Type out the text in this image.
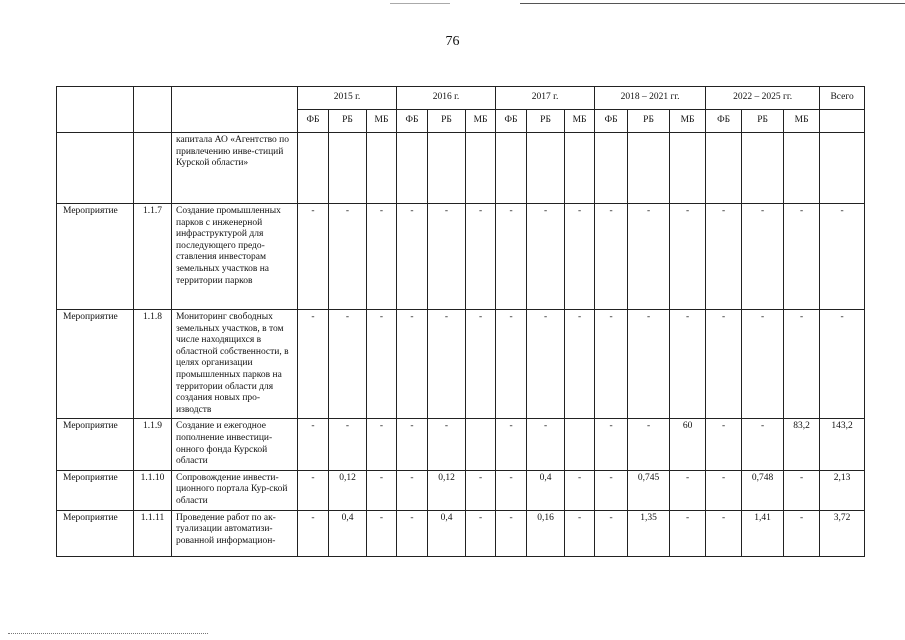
76
			2015 г.			2016 г.			2017 г.			2018 – 2021 гг.			2022 – 2025 гг.			Всего
			ФБ	РБ	МБ	ФБ	РБ	МБ	ФБ	РБ	МБ	ФБ	РБ	МБ	ФБ	РБ	МБ	
		капитала АО «Агентство по привлечению инве-стиций Курской области»																
Мероприятие	1.1.7	Создание промышленных парков с инженерной инфраструктурой для последующего предо-ставления инвесторам земельных участков на территории парков	-	-	-	-	-	-	-	-	-	-	-	-	-	-	-	-
Мероприятие	1.1.8	Мониторинг свободных земельных участков, в том числе находящихся в областной собственности, в целях организации промышленных парков на территории области для создания новых про-изводств	-	-	-	-	-	-	-	-	-	-	-	-	-	-	-	-
Мероприятие	1.1.9	Создание и ежегодное пополнение инвестици-онного фонда Курской области	-	-	-	-	-		-	-		-	-	60	-	-	83,2	143,2
Мероприятие	1.1.10	Сопровождение инвести-ционного портала Кур-ской области	-	0,12	-	-	0,12	-	-	0,4	-	-	0,745	-	-	0,748	-	2,13
Мероприятие	1.1.11	Проведение работ по ак-туализации автоматизи-рованной информацион-	-	0,4	-	-	0,4	-	-	0,16	-	-	1,35	-	-	1,41	-	3,72
